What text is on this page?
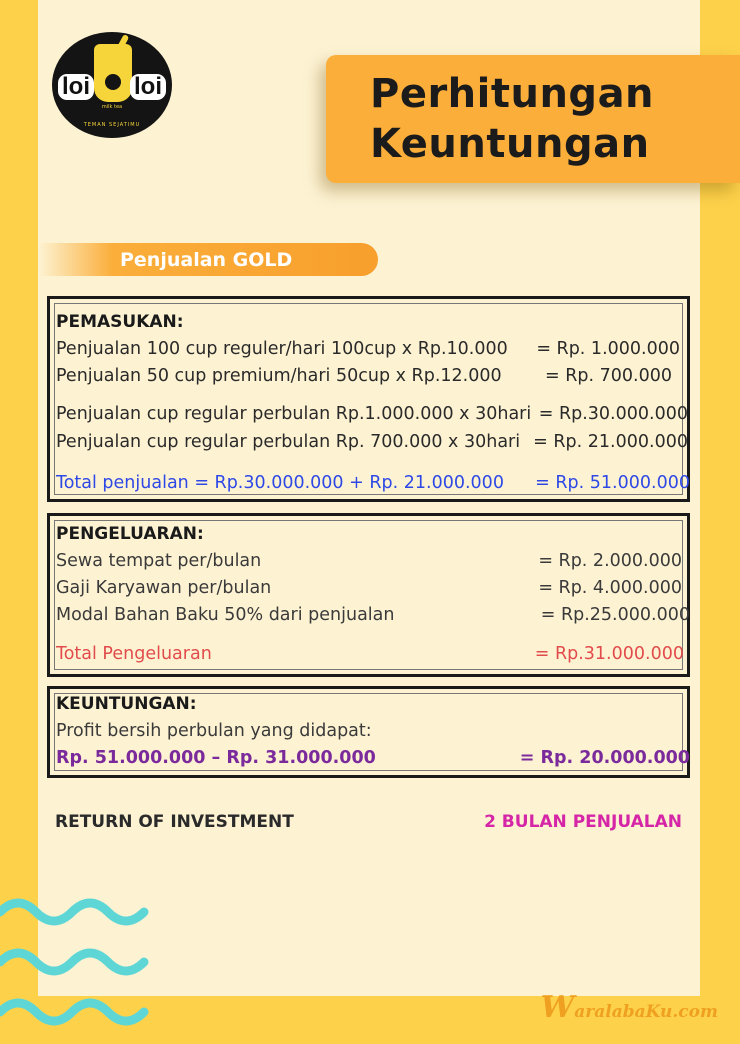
loi loi
milk tea
TEMAN SEJATIMU
Perhitungan
Keuntungan
Penjualan GOLD
PEMASUKAN:
Penjualan 100 cup reguler/hari 100cup x Rp.10.000 = Rp. 1.000.000
Penjualan 50 cup premium/hari 50cup x Rp.12.000 = Rp. 700.000
Penjualan cup regular perbulan Rp.1.000.000 x 30hari = Rp.30.000.000
Penjualan cup regular perbulan Rp. 700.000 x 30hari = Rp. 21.000.000
Total penjualan = Rp.30.000.000 + Rp. 21.000.000 = Rp. 51.000.000
PENGELUARAN:
Sewa tempat per/bulan	= Rp. 2.000.000
Gaji Karyawan per/bulan	= Rp. 4.000.000
Modal Bahan Baku 50% dari penjualan	= Rp.25.000.000
Total Pengeluaran	= Rp.31.000.000
KEUNTUNGAN:
Profit bersih perbulan yang didapat:
Rp. 51.000.000 – Rp. 31.000.000	= Rp. 20.000.000
RETURN OF INVESTMENT	2 BULAN PENJUALAN
WaralabaKu.com
